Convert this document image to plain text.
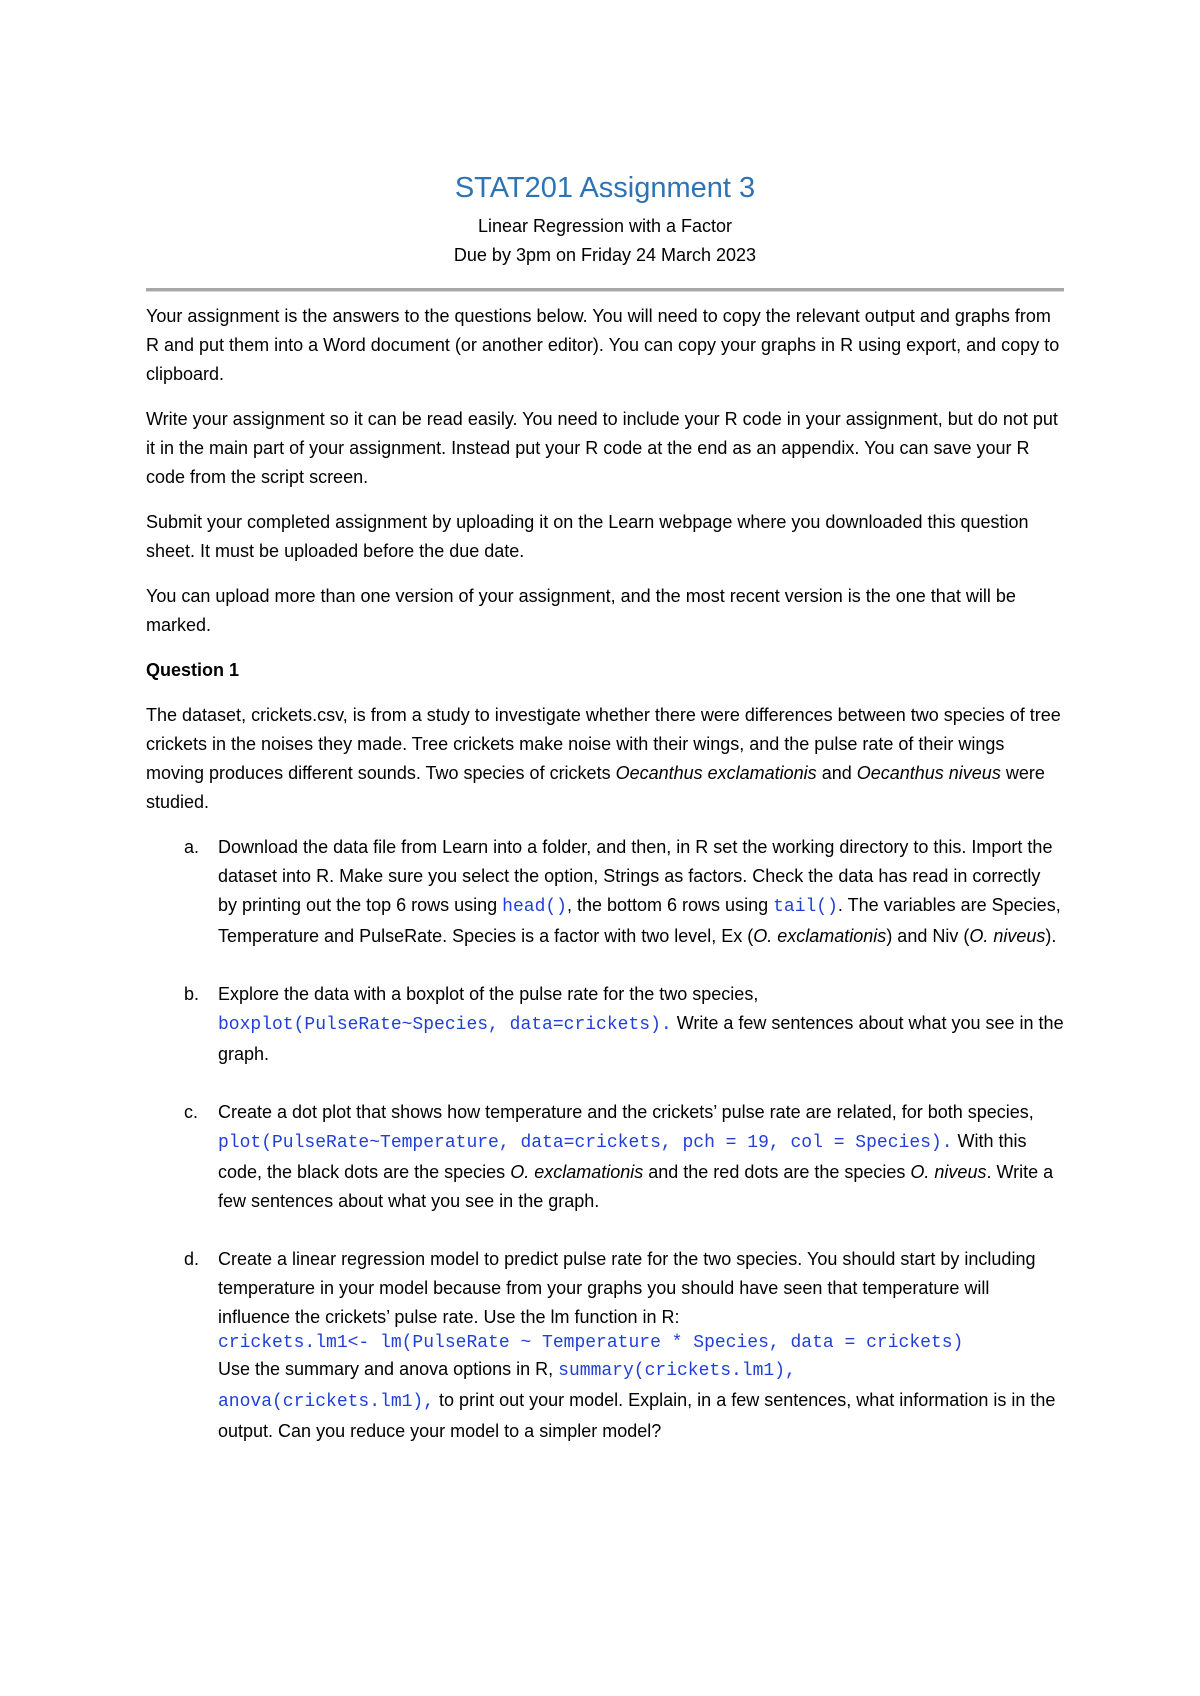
STAT201 Assignment 3
Linear Regression with a Factor
Due by 3pm on Friday 24 March 2023

Your assignment is the answers to the questions below. You will need to copy the relevant output and graphs from R and put them into a Word document (or another editor). You can copy your graphs in R using export, and copy to clipboard.

Write your assignment so it can be read easily. You need to include your R code in your assignment, but do not put it in the main part of your assignment. Instead put your R code at the end as an appendix. You can save your R code from the script screen.

Submit your completed assignment by uploading it on the Learn webpage where you downloaded this question sheet. It must be uploaded before the due date.

You can upload more than one version of your assignment, and the most recent version is the one that will be marked.

Question 1

The dataset, crickets.csv, is from a study to investigate whether there were differences between two species of tree crickets in the noises they made. Tree crickets make noise with their wings, and the pulse rate of their wings moving produces different sounds. Two species of crickets Oecanthus exclamationis and Oecanthus niveus were studied.

a. Download the data file from Learn into a folder, and then, in R set the working directory to this. Import the dataset into R. Make sure you select the option, Strings as factors. Check the data has read in correctly by printing out the top 6 rows using head(), the bottom 6 rows using tail(). The variables are Species, Temperature and PulseRate. Species is a factor with two level, Ex (O. exclamationis) and Niv (O. niveus).
b. Explore the data with a boxplot of the pulse rate for the two species,
boxplot(PulseRate~Species, data=crickets). Write a few sentences about what you see in the graph.
c. Create a dot plot that shows how temperature and the crickets’ pulse rate are related, for both species, plot(PulseRate~Temperature, data=crickets, pch = 19, col = Species). With this code, the black dots are the species O. exclamationis and the red dots are the species O. niveus. Write a few sentences about what you see in the graph.
d. Create a linear regression model to predict pulse rate for the two species. You should start by including temperature in your model because from your graphs you should have seen that temperature will influence the crickets’ pulse rate. Use the lm function in R:
crickets.lm1<- lm(PulseRate ~ Temperature * Species, data = crickets)
Use the summary and anova options in R, summary(crickets.lm1),
anova(crickets.lm1), to print out your model. Explain, in a few sentences, what information is in the output. Can you reduce your model to a simpler model?
